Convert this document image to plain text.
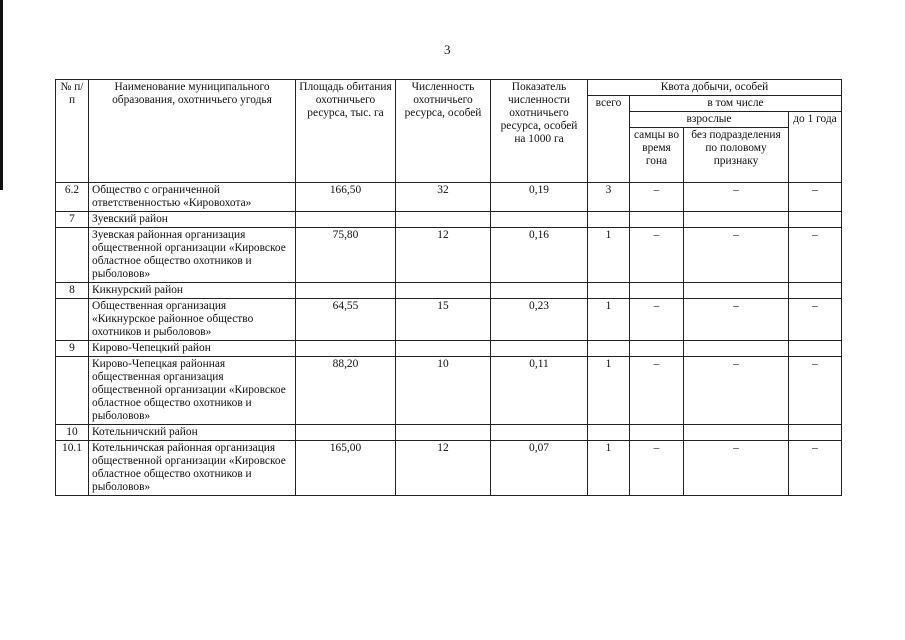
3
№ п/п	Наименование муниципального образования, охотничьего угодья	Площадь обитания охотничьего ресурса, тыс. га	Численность охотничьего ресурса, особей	Показатель численности охотничьего ресурса, особей на 1000 га	Квота добычи, особей			
					всего	в том числе		
						взрослые		до 1 года
						самцы во время гона	без подразделения по половому признаку	
6.2	Общество с ограниченной ответственностью «Кировохота»	166,50	32	0,19	3	–	–	–
7	Зуевский район							
	Зуевская районная организация общественной организации «Кировское областное общество охотников и рыболовов»	75,80	12	0,16	1	–	–	–
8	Кикнурский район							
	Общественная организация «Кикнурское районное общество охотников и рыболовов»	64,55	15	0,23	1	–	–	–
9	Кирово-Чепецкий район							
	Кирово-Чепецкая районная общественная организация общественной организации «Кировское областное общество охотников и рыболовов»	88,20	10	0,11	1	–	–	–
10	Котельничский район							
10.1	Котельничская районная организация общественной организации «Кировское областное общество охотников и рыболовов»	165,00	12	0,07	1	–	–	–
